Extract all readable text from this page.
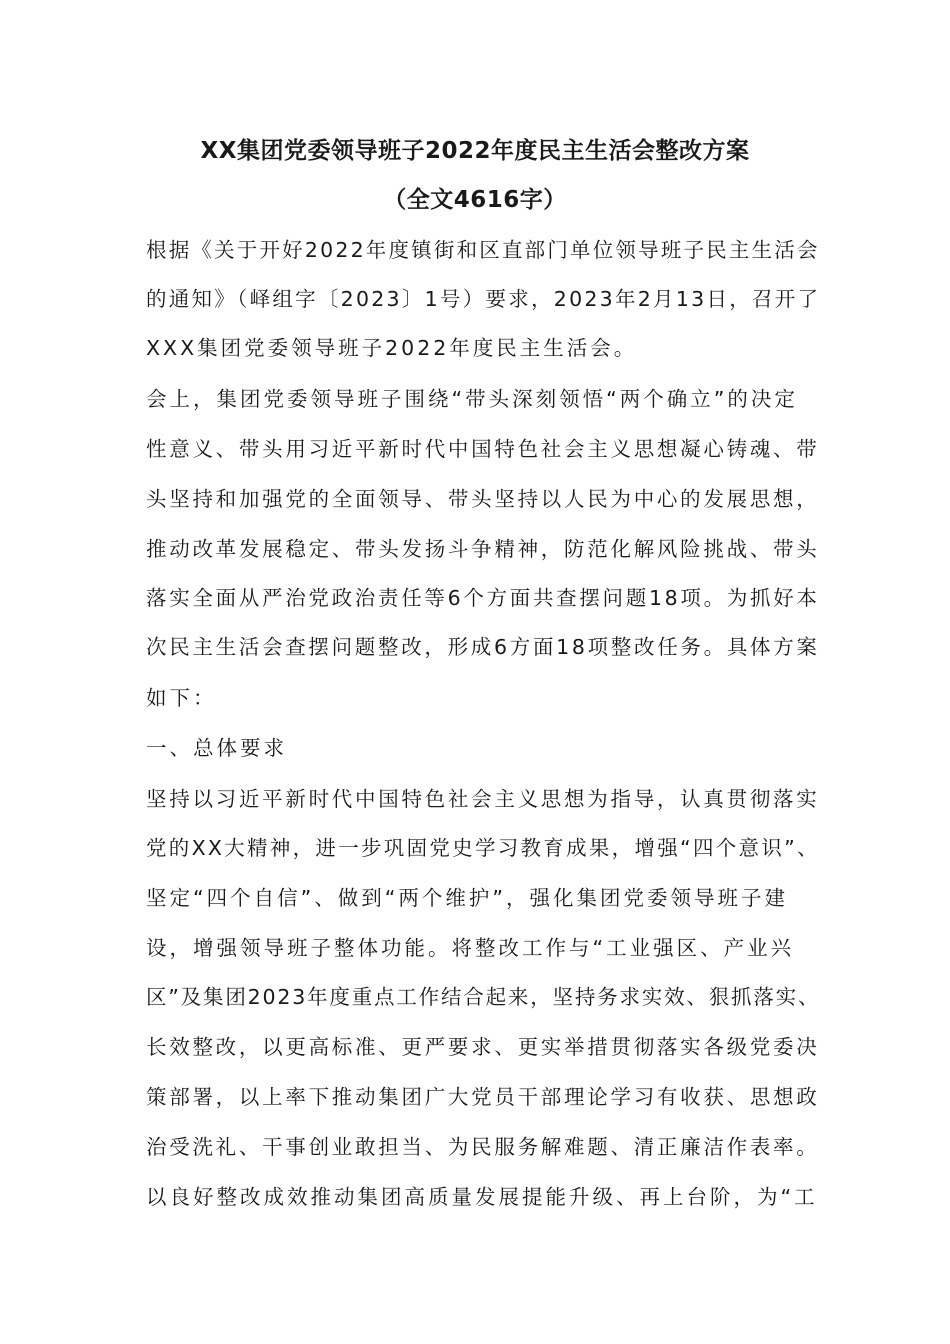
XX集团党委领导班子2022年度民主生活会整改方案
（全文4616字）
根据《关于开好2022年度镇街和区直部门单位领导班子民主生活会
的通知》（峄组字〔2023〕1号）要求，2023年2月13日，召开了
XXX集团党委领导班子2022年度民主生活会。
会上，集团党委领导班子围绕“带头深刻领悟“两个确立”的决定
性意义、带头用习近平新时代中国特色社会主义思想凝心铸魂、带
头坚持和加强党的全面领导、带头坚持以人民为中心的发展思想，
推动改革发展稳定、带头发扬斗争精神，防范化解风险挑战、带头
落实全面从严治党政治责任等6个方面共查摆问题18项。为抓好本
次民主生活会查摆问题整改，形成6方面18项整改任务。具体方案
如下：
一、总体要求
坚持以习近平新时代中国特色社会主义思想为指导，认真贯彻落实
党的XX大精神，进一步巩固党史学习教育成果，增强“四个意识”、
坚定“四个自信”、做到“两个维护”，强化集团党委领导班子建
设，增强领导班子整体功能。将整改工作与“工业强区、产业兴
区”及集团2023年度重点工作结合起来，坚持务求实效、狠抓落实、
长效整改，以更高标准、更严要求、更实举措贯彻落实各级党委决
策部署，以上率下推动集团广大党员干部理论学习有收获、思想政
治受洗礼、干事创业敢担当、为民服务解难题、清正廉洁作表率。
以良好整改成效推动集团高质量发展提能升级、再上台阶，为“工
